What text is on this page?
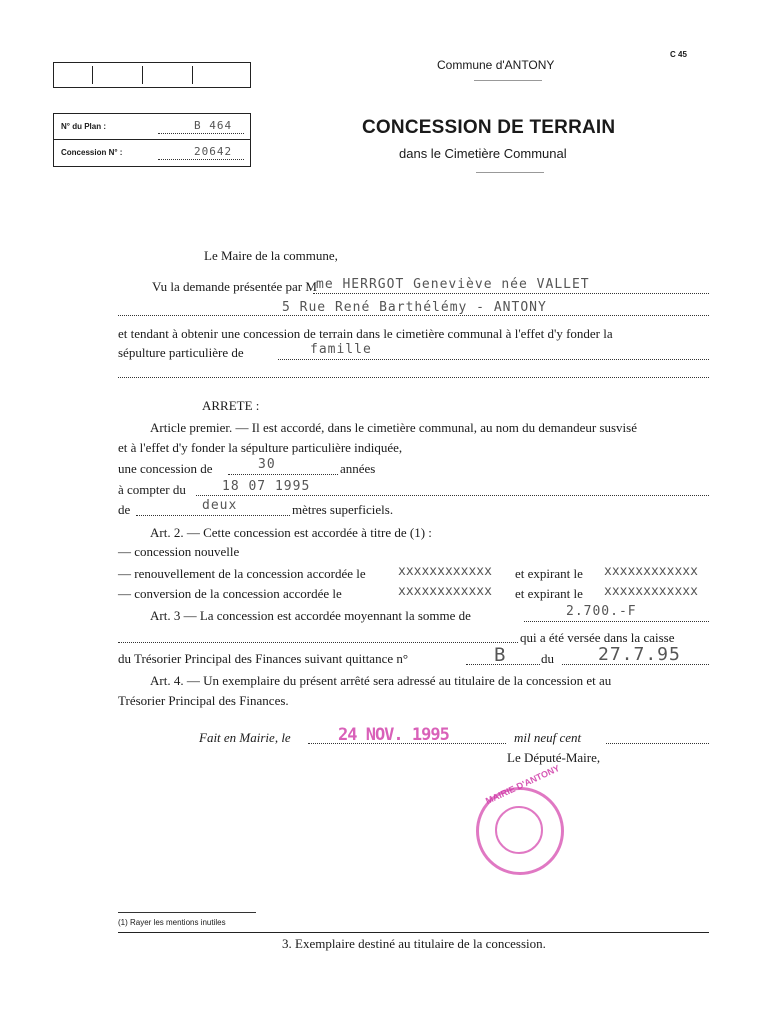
C 45
Commune d'ANTONY
N° du Plan :	B 464
Concession N° :	20642
CONCESSION DE TERRAIN
dans le Cimetière Communal
Le Maire de la commune,
Vu la demande présentée par M me HERRGOT Geneviève née VALLET
5 Rue René Barthélémy - ANTONY
et tendant à obtenir une concession de terrain dans le cimetière communal à l'effet d'y fonder la
sépulture particulière de	famille
ARRETE :
Article premier. — Il est accordé, dans le cimetière communal, au nom du demandeur susvisé
et à l'effet d'y fonder la sépulture particulière indiquée,
une concession de	30	années
à compter du	18 07 1995
de	deux	mètres superficiels.
Art. 2. — Cette concession est accordée à titre de (1) :
— concession nouvelle
— renouvellement de la concession accordée le xxxxxxxxxxxx et expirant le xxxxxxxxxxxx
— conversion de la concession accordée le	xxxxxxxxxxxx et expirant le xxxxxxxxxxxx
Art. 3 — La concession est accordée moyennant la somme de	2.700.-F
qui a été versée dans la caisse
du Trésorier Principal des Finances suivant quittance n°	B	du 27.7.95
Art. 4. — Un exemplaire du présent arrêté sera adressé au titulaire de la concession et au
Trésorier Principal des Finances.
Fait en Mairie, le	24 NOV. 1995	mil neuf cent
Le Député-Maire,
MAIRIE D'ANTONY
(1) Rayer les mentions inutiles
3. Exemplaire destiné au titulaire de la concession.
